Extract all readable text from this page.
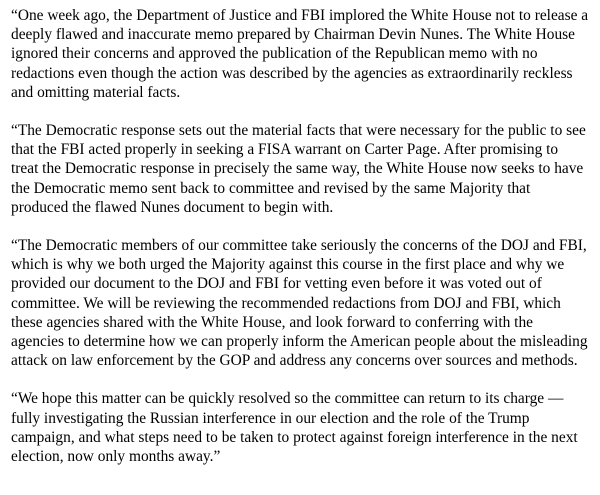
“One week ago, the Department of Justice and FBI implored the White House not to release a deeply flawed and inaccurate memo prepared by Chairman Devin Nunes. The White House ignored their concerns and approved the publication of the Republican memo with no redactions even though the action was described by the agencies as extraordinarily reckless and omitting material facts.

“The Democratic response sets out the material facts that were necessary for the public to see that the FBI acted properly in seeking a FISA warrant on Carter Page. After promising to treat the Democratic response in precisely the same way, the White House now seeks to have the Democratic memo sent back to committee and revised by the same Majority that produced the flawed Nunes document to begin with.

“The Democratic members of our committee take seriously the concerns of the DOJ and FBI, which is why we both urged the Majority against this course in the first place and why we provided our document to the DOJ and FBI for vetting even before it was voted out of committee. We will be reviewing the recommended redactions from DOJ and FBI, which these agencies shared with the White House, and look forward to conferring with the agencies to determine how we can properly inform the American people about the misleading attack on law enforcement by the GOP and address any concerns over sources and methods.

“We hope this matter can be quickly resolved so the committee can return to its charge — fully investigating the Russian interference in our election and the role of the Trump campaign, and what steps need to be taken to protect against foreign interference in the next election, now only months away.”
